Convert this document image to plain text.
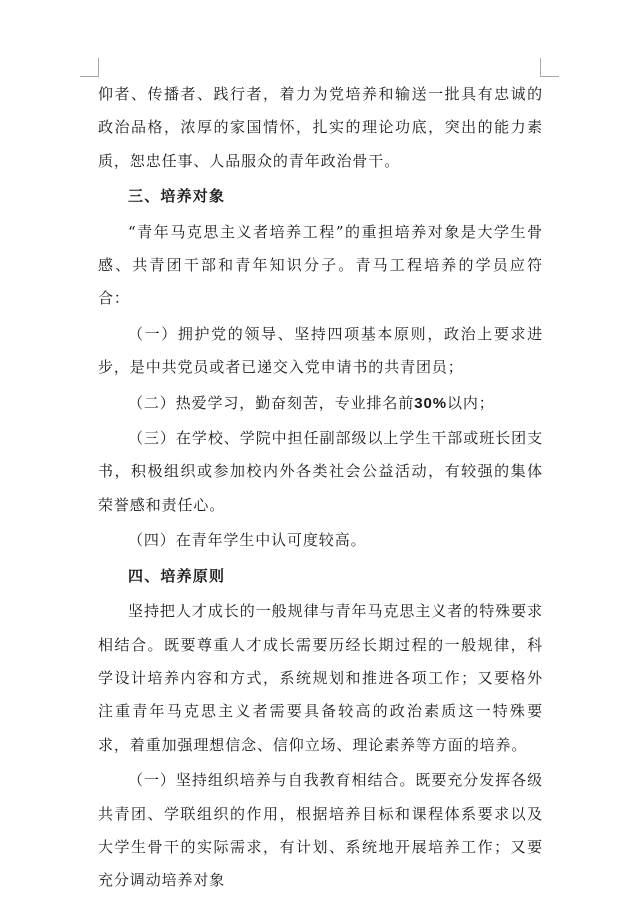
仰者、传播者、践行者，着力为党培养和输送一批具有忠诚的政治品格，浓厚的家国情怀，扎实的理论功底，突出的能力素质，恕忠任事、人品服众的青年政治骨干。

三、培养对象

“青年马克思主义者培养工程”的重担培养对象是大学生骨感、共青团干部和青年知识分子。青马工程培养的学员应符合：

（一）拥护党的领导、坚持四项基本原则，政治上要求进步，是中共党员或者已递交入党申请书的共青团员；

（二）热爱学习，勤奋刻苦，专业排名前30%以内；

（三）在学校、学院中担任副部级以上学生干部或班长团支书，积极组织或参加校内外各类社会公益活动，有较强的集体荣誉感和责任心。

（四）在青年学生中认可度较高。

四、培养原则

坚持把人才成长的一般规律与青年马克思主义者的特殊要求相结合。既要尊重人才成长需要历经长期过程的一般规律，科学设计培养内容和方式，系统规划和推进各项工作；又要格外注重青年马克思主义者需要具备较高的政治素质这一特殊要求，着重加强理想信念、信仰立场、理论素养等方面的培养。

（一）坚持组织培养与自我教育相结合。既要充分发挥各级共青团、学联组织的作用，根据培养目标和课程体系要求以及大学生骨干的实际需求，有计划、系统地开展培养工作；又要充分调动培养对象
